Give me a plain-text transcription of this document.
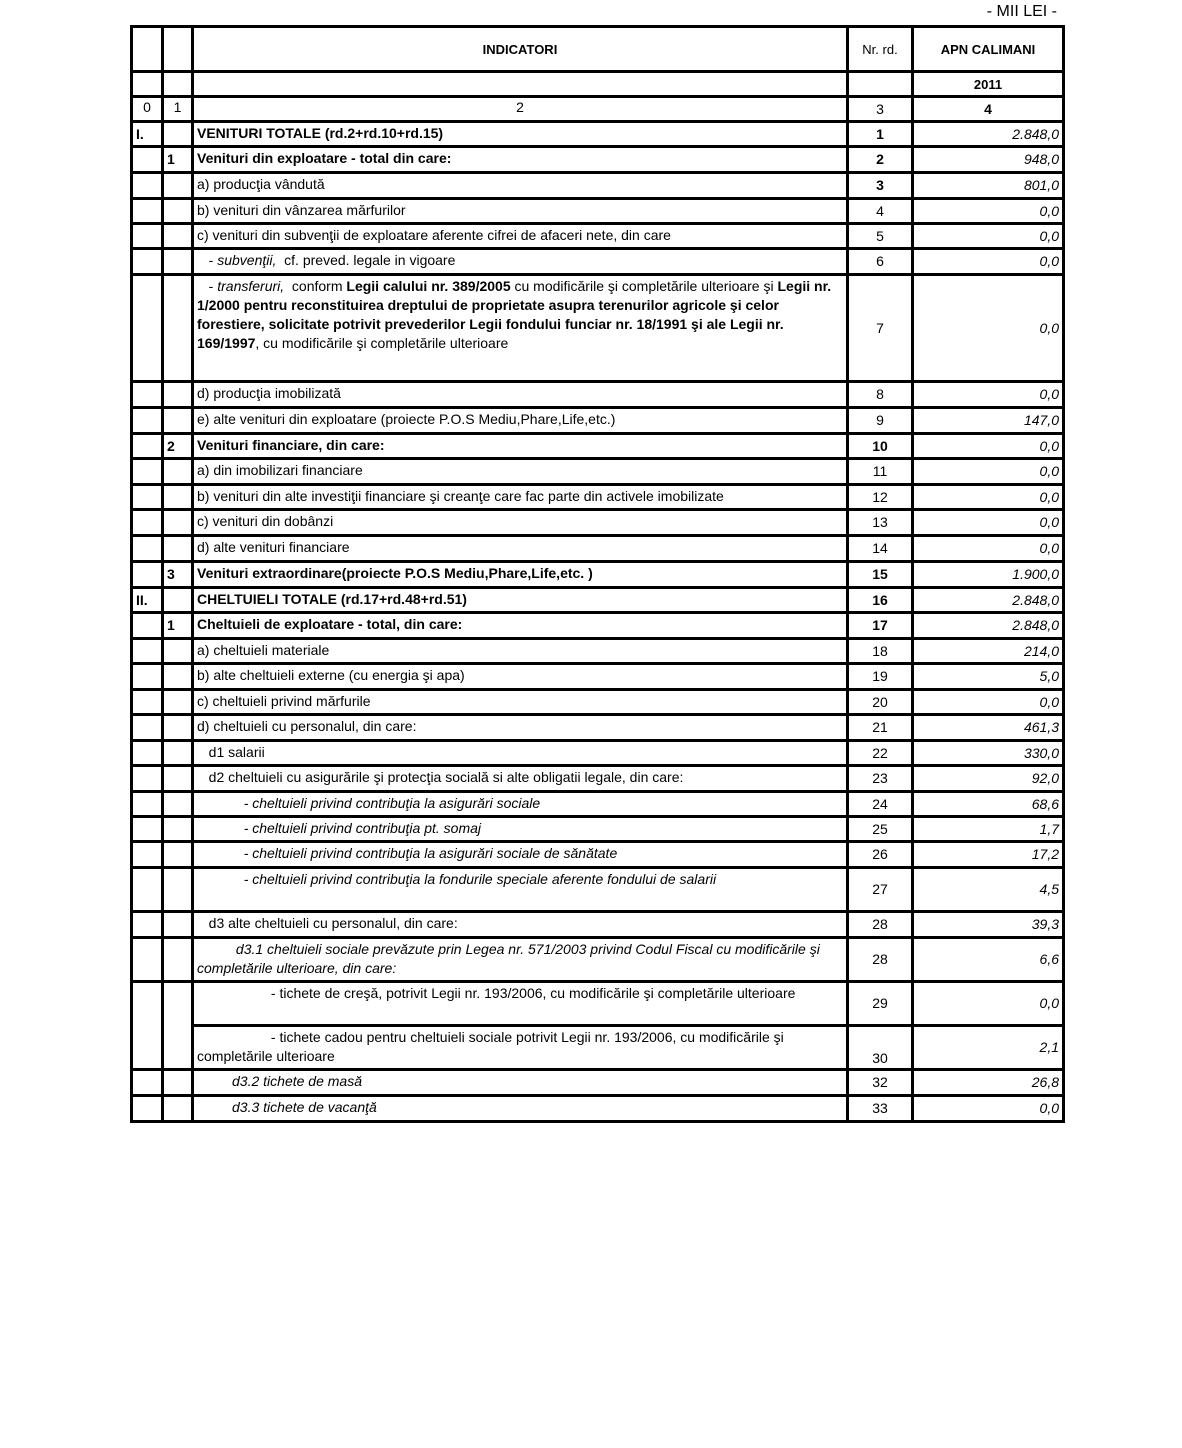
- MII LEI -
		INDICATORI	Nr. rd.	APN CALIMANI
				2011
0	1	2	3	4
I.		VENITURI TOTALE (rd.2+rd.10+rd.15)	1	2.848,0
	1	Venituri din exploatare - total din care:	2	948,0
		a) producţia vândută	3	801,0
		b) venituri din vânzarea mărfurilor	4	0,0
		c) venituri din subvenţii de exploatare aferente cifrei de afaceri nete, din care	5	0,0
		- subvenţii,  cf. preved. legale in vigoare	6	0,0
		- transferuri,  conform Legii calului nr. 389/2005 cu modificările şi completările ulterioare şi Legii nr. 1/2000 pentru reconstituirea dreptului de proprietate asupra terenurilor agricole şi celor forestiere, solicitate potrivit prevederilor Legii fondului funciar nr. 18/1991 şi ale Legii nr. 169/1997, cu modificările şi completările ulterioare	7	0,0
		d) producţia imobilizată	8	0,0
		e) alte venituri din exploatare (proiecte P.O.S Mediu,Phare,Life,etc.)	9	147,0
	2	Venituri financiare, din care:	10	0,0
		a) din imobilizari financiare	11	0,0
		b) venituri din alte investiţii financiare şi creanţe care fac parte din activele imobilizate	12	0,0
		c) venituri din dobânzi	13	0,0
		d) alte venituri financiare	14	0,0
	3	Venituri extraordinare(proiecte P.O.S Mediu,Phare,Life,etc. )	15	1.900,0
II.		CHELTUIELI TOTALE (rd.17+rd.48+rd.51)	16	2.848,0
	1	Cheltuieli de exploatare - total, din care:	17	2.848,0
		a) cheltuieli materiale	18	214,0
		b) alte cheltuieli externe (cu energia şi apa)	19	5,0
		c) cheltuieli privind mărfurile	20	0,0
		d) cheltuieli cu personalul, din care:	21	461,3
		d1 salarii	22	330,0
		d2 cheltuieli cu asigurările şi protecţia socială si alte obligatii legale, din care:	23	92,0
		- cheltuieli privind contribuţia la asigurări sociale	24	68,6
		- cheltuieli privind contribuţia pt. somaj	25	1,7
		- cheltuieli privind contribuţia la asigurări sociale de sănătate	26	17,2
		- cheltuieli privind contribuţia la fondurile speciale aferente fondului de salarii	27	4,5
		d3 alte cheltuieli cu personalul, din care:	28	39,3
		d3.1 cheltuieli sociale prevăzute prin Legea nr. 571/2003 privind Codul Fiscal cu modificările şi completările ulterioare, din care:	28	6,6
		- tichete de creşă, potrivit Legii nr. 193/2006, cu modificările şi completările ulterioare	29	0,0
		- tichete cadou pentru cheltuieli sociale potrivit Legii nr. 193/2006, cu modificările şi completările ulterioare	30	2,1
		d3.2 tichete de masă	32	26,8
		d3.3 tichete de vacanţă	33	0,0
